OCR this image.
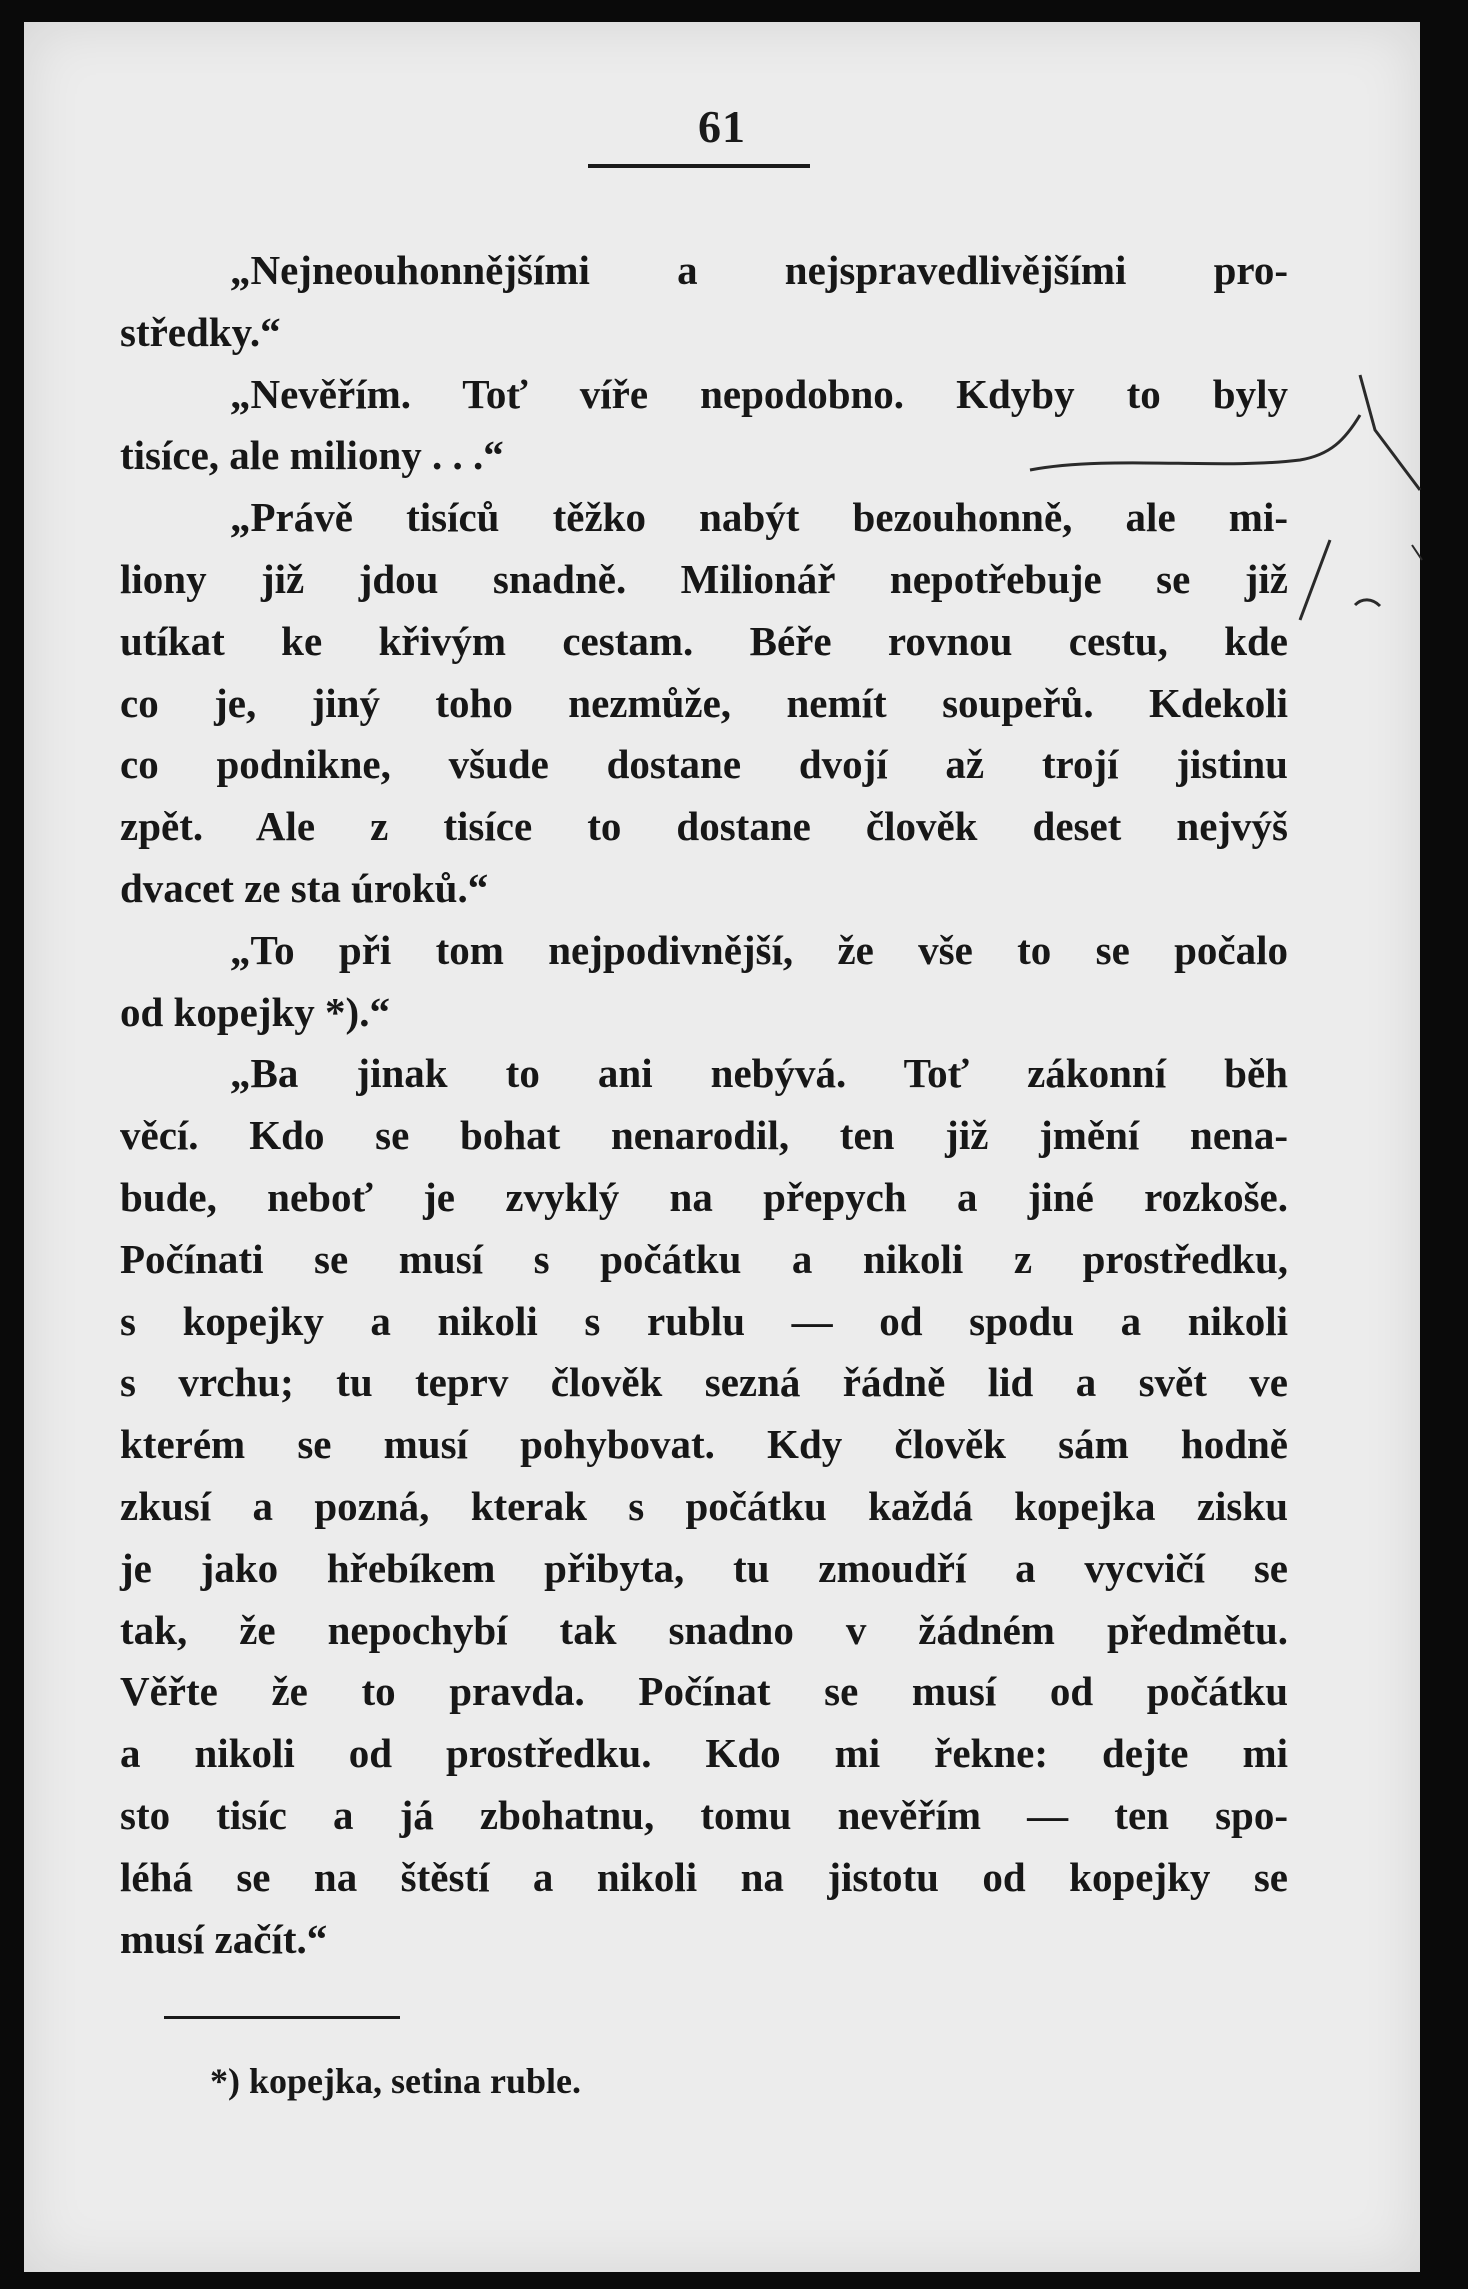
61
„Nejneouhonnějšími a nejspravedlivějšími pro-
středky.“
„Nevěřím. Toť víře nepodobno. Kdyby to byly
tisíce, ale miliony . . .“
„Právě tisíců těžko nabýt bezouhonně, ale mi-
liony již jdou snadně. Milionář nepotřebuje se již
utíkat ke křivým cestam. Béře rovnou cestu, kde
co je, jiný toho nezmůže, nemít soupeřů. Kdekoli
co podnikne, všude dostane dvojí až trojí jistinu
zpět. Ale z tisíce to dostane člověk deset nejvýš
dvacet ze sta úroků.“
„To při tom nejpodivnější, že vše to se počalo
od kopejky *).“
„Ba jinak to ani nebývá. Toť zákonní běh
věcí. Kdo se bohat nenarodil, ten již jmění nena-
bude, neboť je zvyklý na přepych a jiné rozkoše.
Počínati se musí s počátku a nikoli z prostředku,
s kopejky a nikoli s rublu — od spodu a nikoli
s vrchu; tu teprv člověk sezná řádně lid a svět ve
kterém se musí pohybovat. Kdy člověk sám hodně
zkusí a pozná, kterak s počátku každá kopejka zisku
je jako hřebíkem přibyta, tu zmoudří a vycvičí se
tak, že nepochybí tak snadno v žádném předmětu.
Věřte že to pravda. Počínat se musí od počátku
a nikoli od prostředku. Kdo mi řekne: dejte mi
sto tisíc a já zbohatnu, tomu nevěřím — ten spo-
léhá se na štěstí a nikoli na jistotu od kopejky se
musí začít.“
*) kopejka, setina ruble.
